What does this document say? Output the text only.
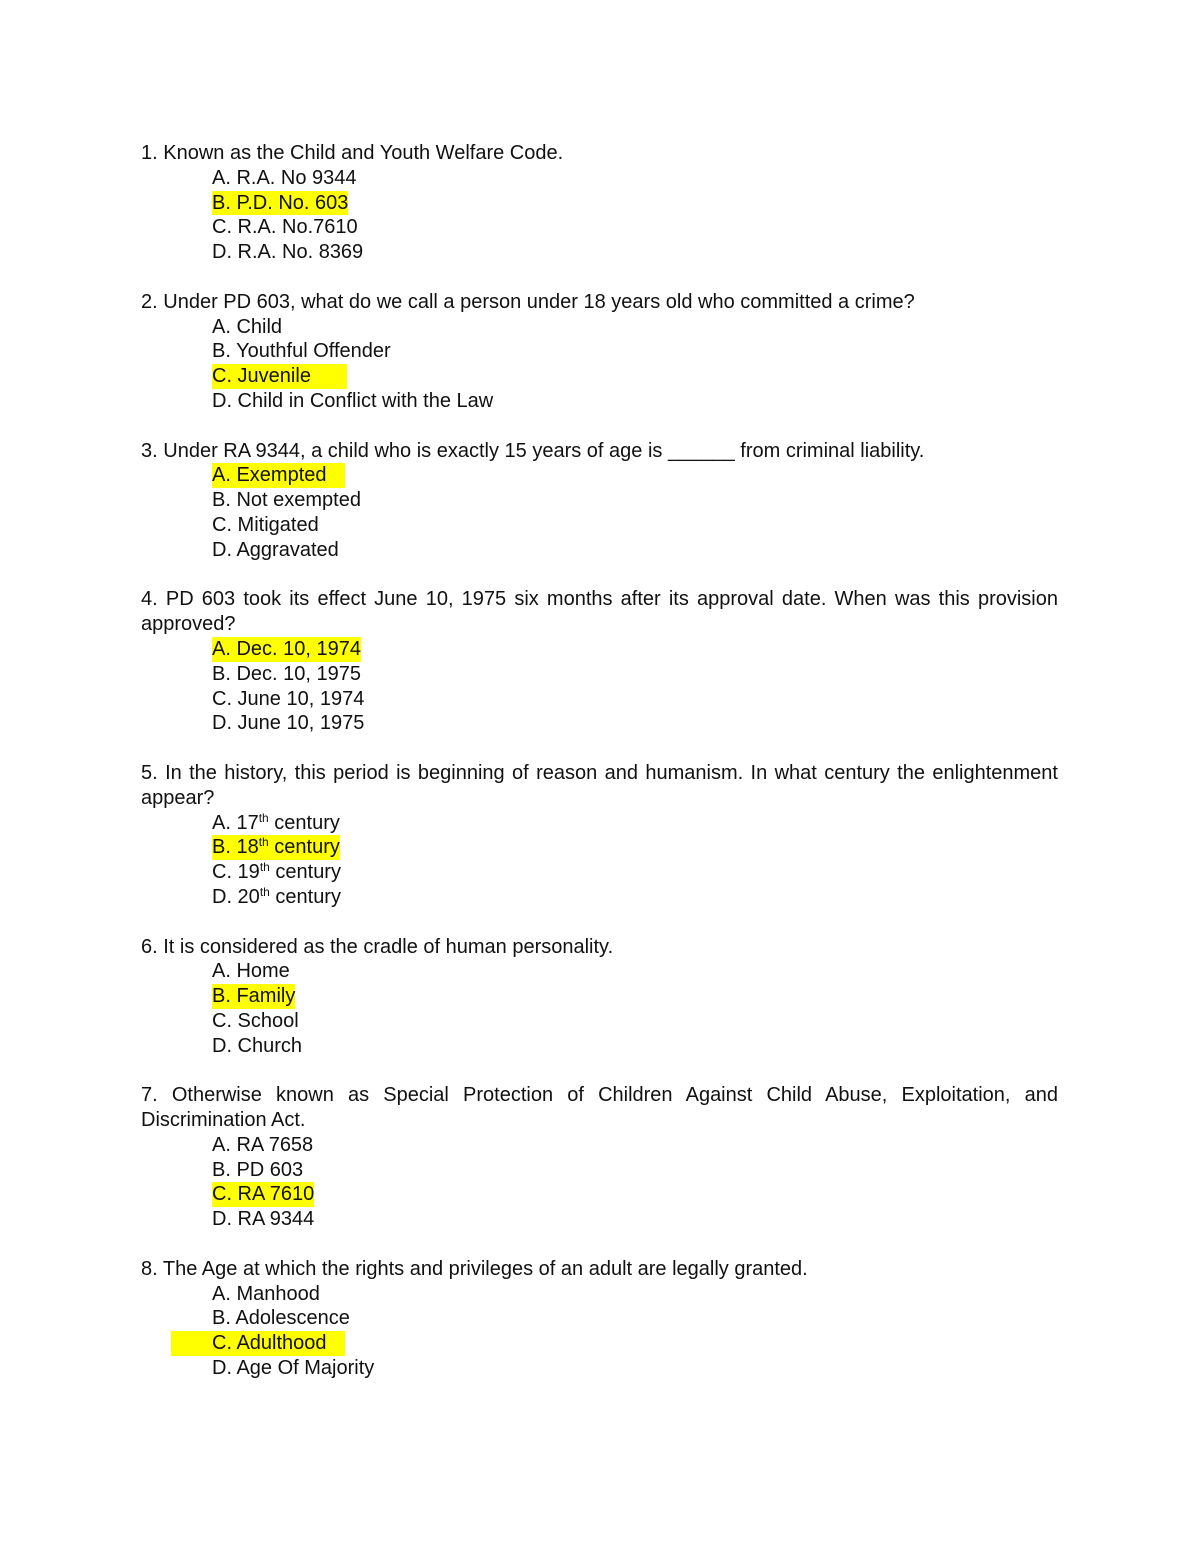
1. Known as the Child and Youth Welfare Code.
A. R.A. No 9344
B. P.D. No. 603
C. R.A. No.7610
D. R.A. No. 8369
2. Under PD 603, what do we call a person under 18 years old who committed a crime?
A. Child
B. Youthful Offender
C. Juvenile
D. Child in Conflict with the Law
3. Under RA 9344, a child who is exactly 15 years of age is ______ from criminal liability.
A. Exempted
B. Not exempted
C. Mitigated
D. Aggravated
4. PD 603 took its effect June 10, 1975 six months after its approval date. When was this provision approved?
A. Dec. 10, 1974
B. Dec. 10, 1975
C. June 10, 1974
D. June 10, 1975
5. In the history, this period is beginning of reason and humanism. In what century the enlightenment appear?
A. 17th century
B. 18th century
C. 19th century
D. 20th century
6. It is considered as the cradle of human personality.
A. Home
B. Family
C. School
D. Church
7. Otherwise known as Special Protection of Children Against Child Abuse, Exploitation, and Discrimination Act.
A. RA 7658
B. PD 603
C. RA 7610
D. RA 9344
8. The Age at which the rights and privileges of an adult are legally granted.
A. Manhood
B. Adolescence
C. Adulthood
D. Age Of Majority
